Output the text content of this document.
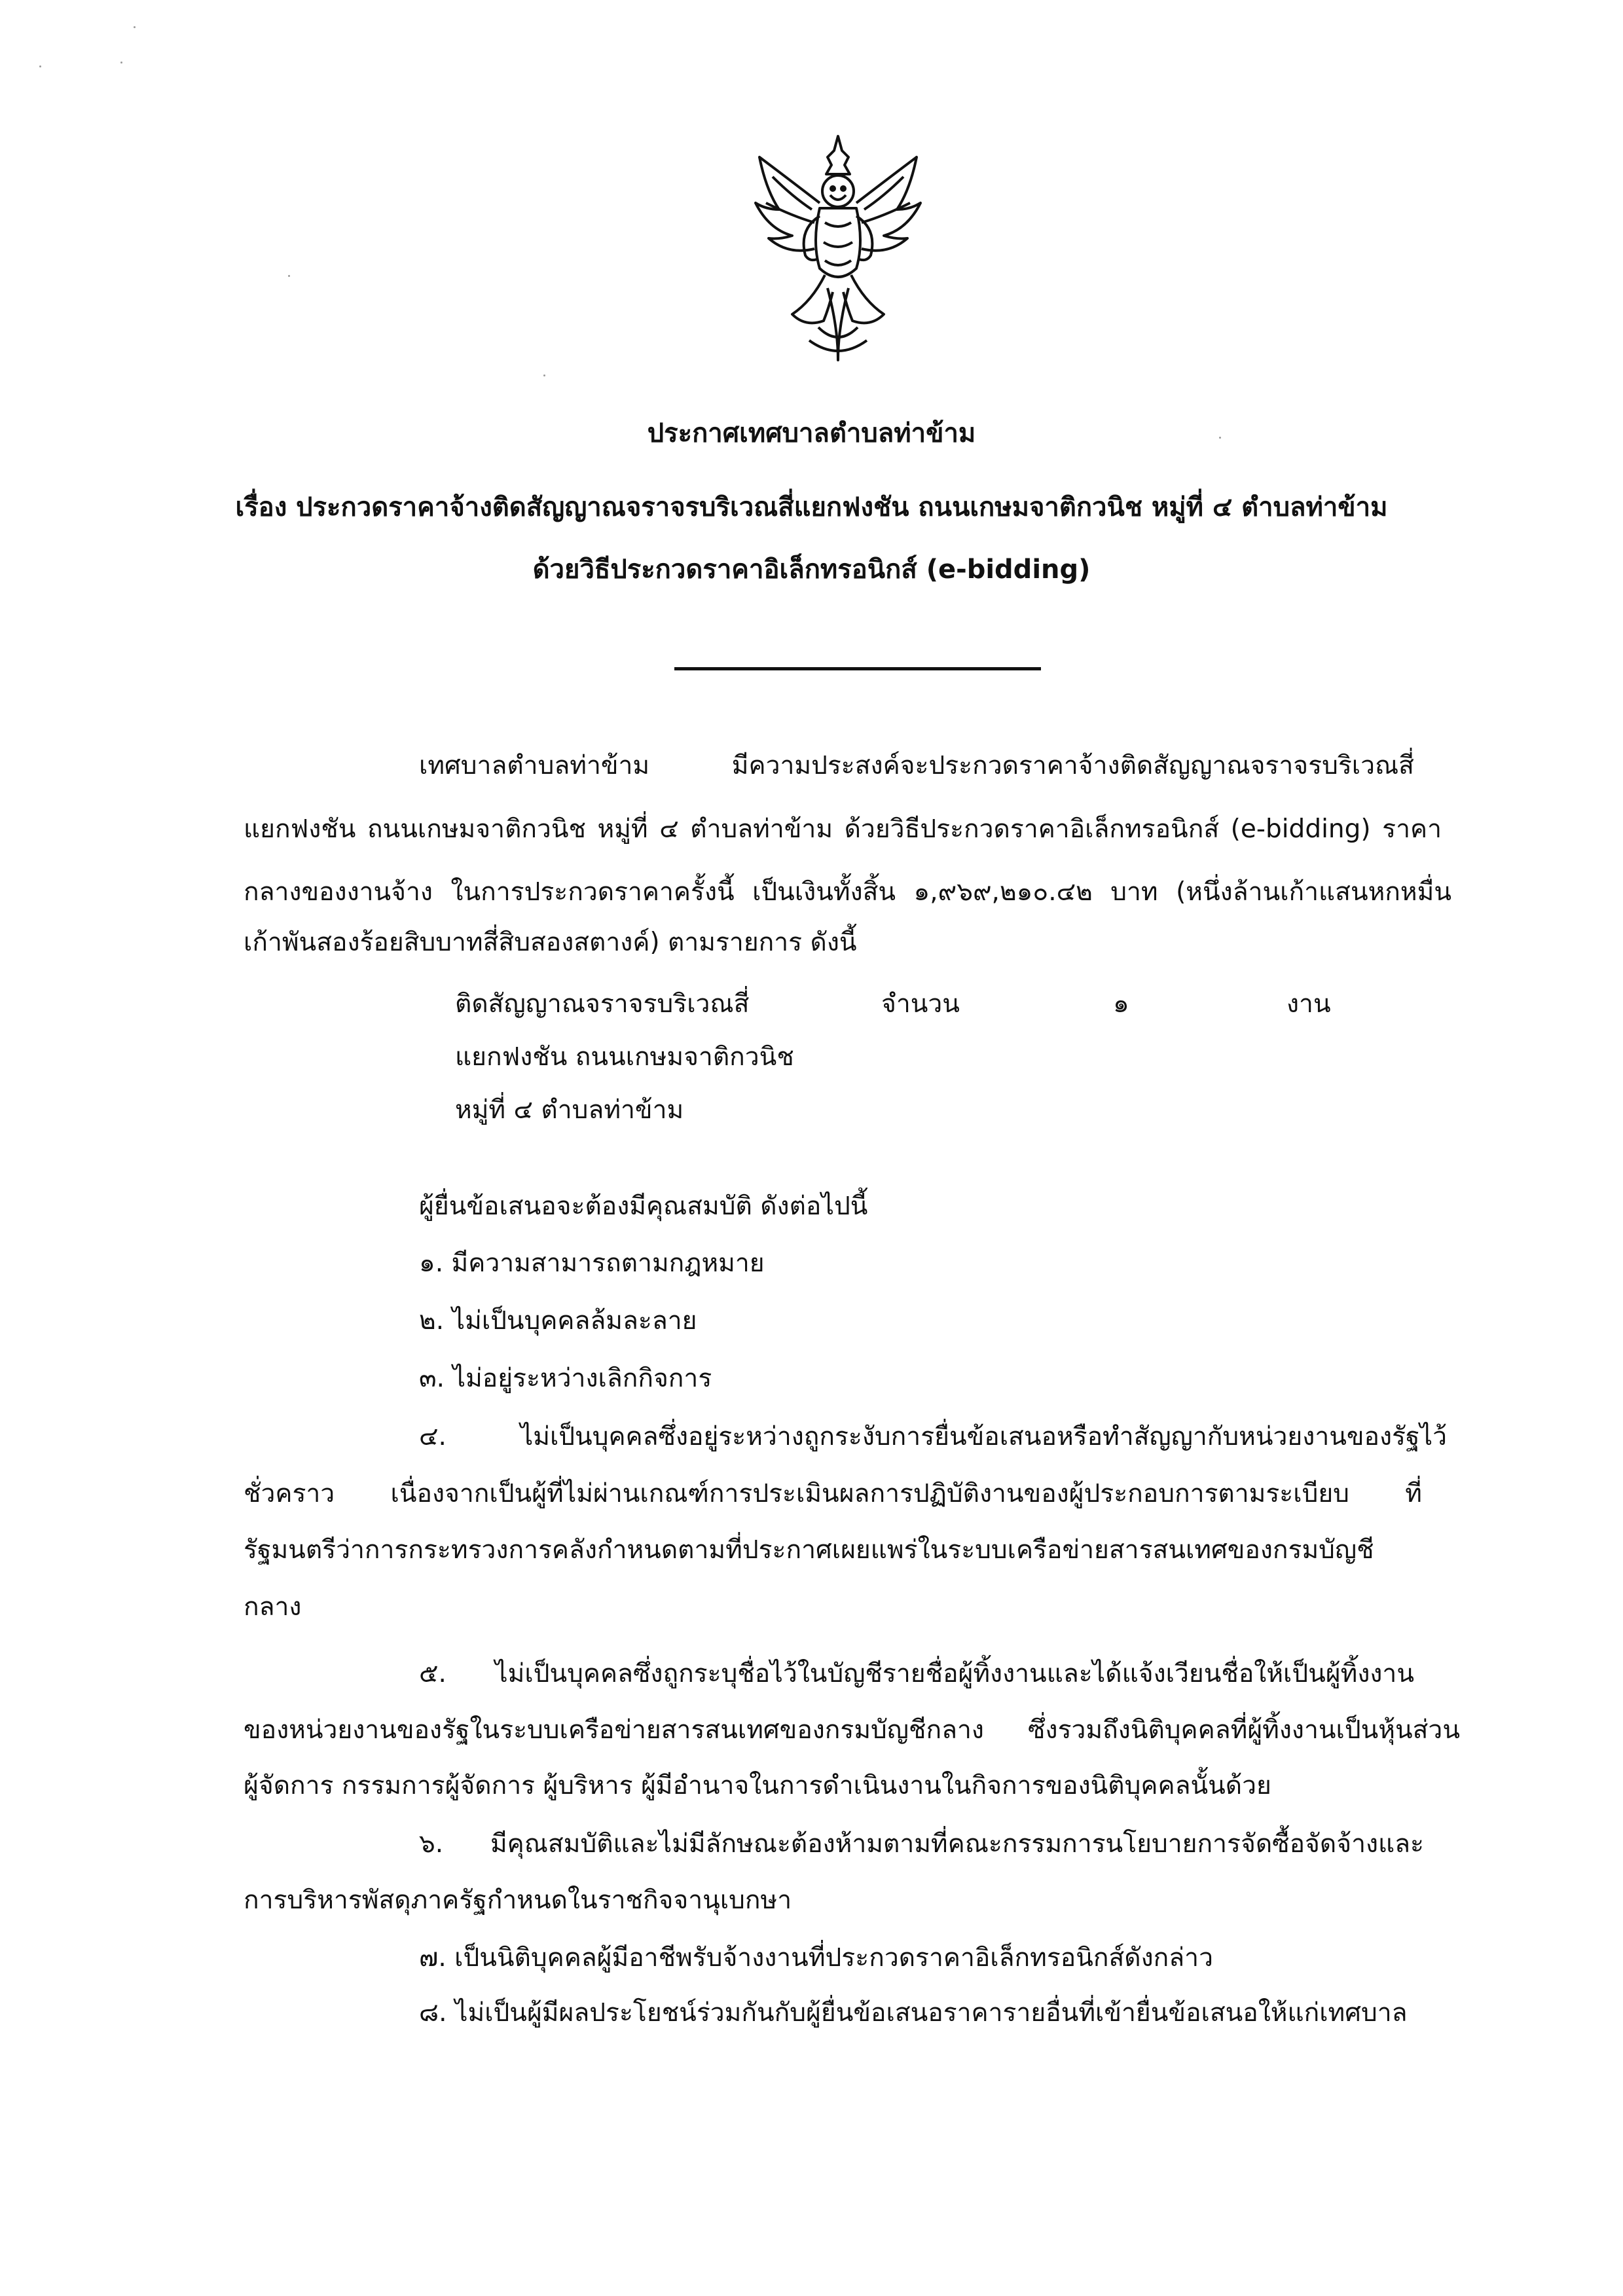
ประกาศเทศบาลตำบลท่าข้าม
เรื่อง ประกวดราคาจ้างติดสัญญาณจราจรบริเวณสี่แยกฟงชัน ถนนเกษมจาติกวนิช หมู่ที่ ๔ ตำบลท่าข้าม
ด้วยวิธีประกวดราคาอิเล็กทรอนิกส์ (e-bidding)
เทศบาลตำบลท่าข้าม มีความประสงค์จะประกวดราคาจ้างติดสัญญาณจราจรบริเวณสี่
แยกฟงชัน ถนนเกษมจาติกวนิช หมู่ที่ ๔ ตำบลท่าข้าม ด้วยวิธีประกวดราคาอิเล็กทรอนิกส์ (e-bidding) ราคา
กลางของงานจ้าง ในการประกวดราคาครั้งนี้ เป็นเงินทั้งสิ้น ๑,๙๖๙,๒๑๐.๔๒ บาท (หนึ่งล้านเก้าแสนหกหมื่น
เก้าพันสองร้อยสิบบาทสี่สิบสองสตางค์) ตามรายการ ดังนี้
ติดสัญญาณจราจรบริเวณสี่
แยกฟงชัน ถนนเกษมจาติกวนิช
หมู่ที่ ๔ ตำบลท่าข้าม
จำนวน	๑	งาน
ผู้ยื่นข้อเสนอจะต้องมีคุณสมบัติ ดังต่อไปนี้
๑. มีความสามารถตามกฎหมาย
๒. ไม่เป็นบุคคลล้มละลาย
๓. ไม่อยู่ระหว่างเลิกกิจการ
๔. ไม่เป็นบุคคลซึ่งอยู่ระหว่างถูกระงับการยื่นข้อเสนอหรือทำสัญญากับหน่วยงานของรัฐไว้
ชั่วคราว เนื่องจากเป็นผู้ที่ไม่ผ่านเกณฑ์การประเมินผลการปฏิบัติงานของผู้ประกอบการตามระเบียบ ที่
รัฐมนตรีว่าการกระทรวงการคลังกำหนดตามที่ประกาศเผยแพร่ในระบบเครือข่ายสารสนเทศของกรมบัญชี
กลาง
๕. ไม่เป็นบุคคลซึ่งถูกระบุชื่อไว้ในบัญชีรายชื่อผู้ทิ้งงานและได้แจ้งเวียนชื่อให้เป็นผู้ทิ้งงาน
ของหน่วยงานของรัฐในระบบเครือข่ายสารสนเทศของกรมบัญชีกลาง ซึ่งรวมถึงนิติบุคคลที่ผู้ทิ้งงานเป็นหุ้นส่วน
ผู้จัดการ กรรมการผู้จัดการ ผู้บริหาร ผู้มีอำนาจในการดำเนินงานในกิจการของนิติบุคคลนั้นด้วย
๖. มีคุณสมบัติและไม่มีลักษณะต้องห้ามตามที่คณะกรรมการนโยบายการจัดซื้อจัดจ้างและ
การบริหารพัสดุภาครัฐกำหนดในราชกิจจานุเบกษา
๗. เป็นนิติบุคคลผู้มีอาชีพรับจ้างงานที่ประกวดราคาอิเล็กทรอนิกส์ดังกล่าว
๘. ไม่เป็นผู้มีผลประโยชน์ร่วมกันกับผู้ยื่นข้อเสนอราคารายอื่นที่เข้ายื่นข้อเสนอให้แก่เทศบาล
